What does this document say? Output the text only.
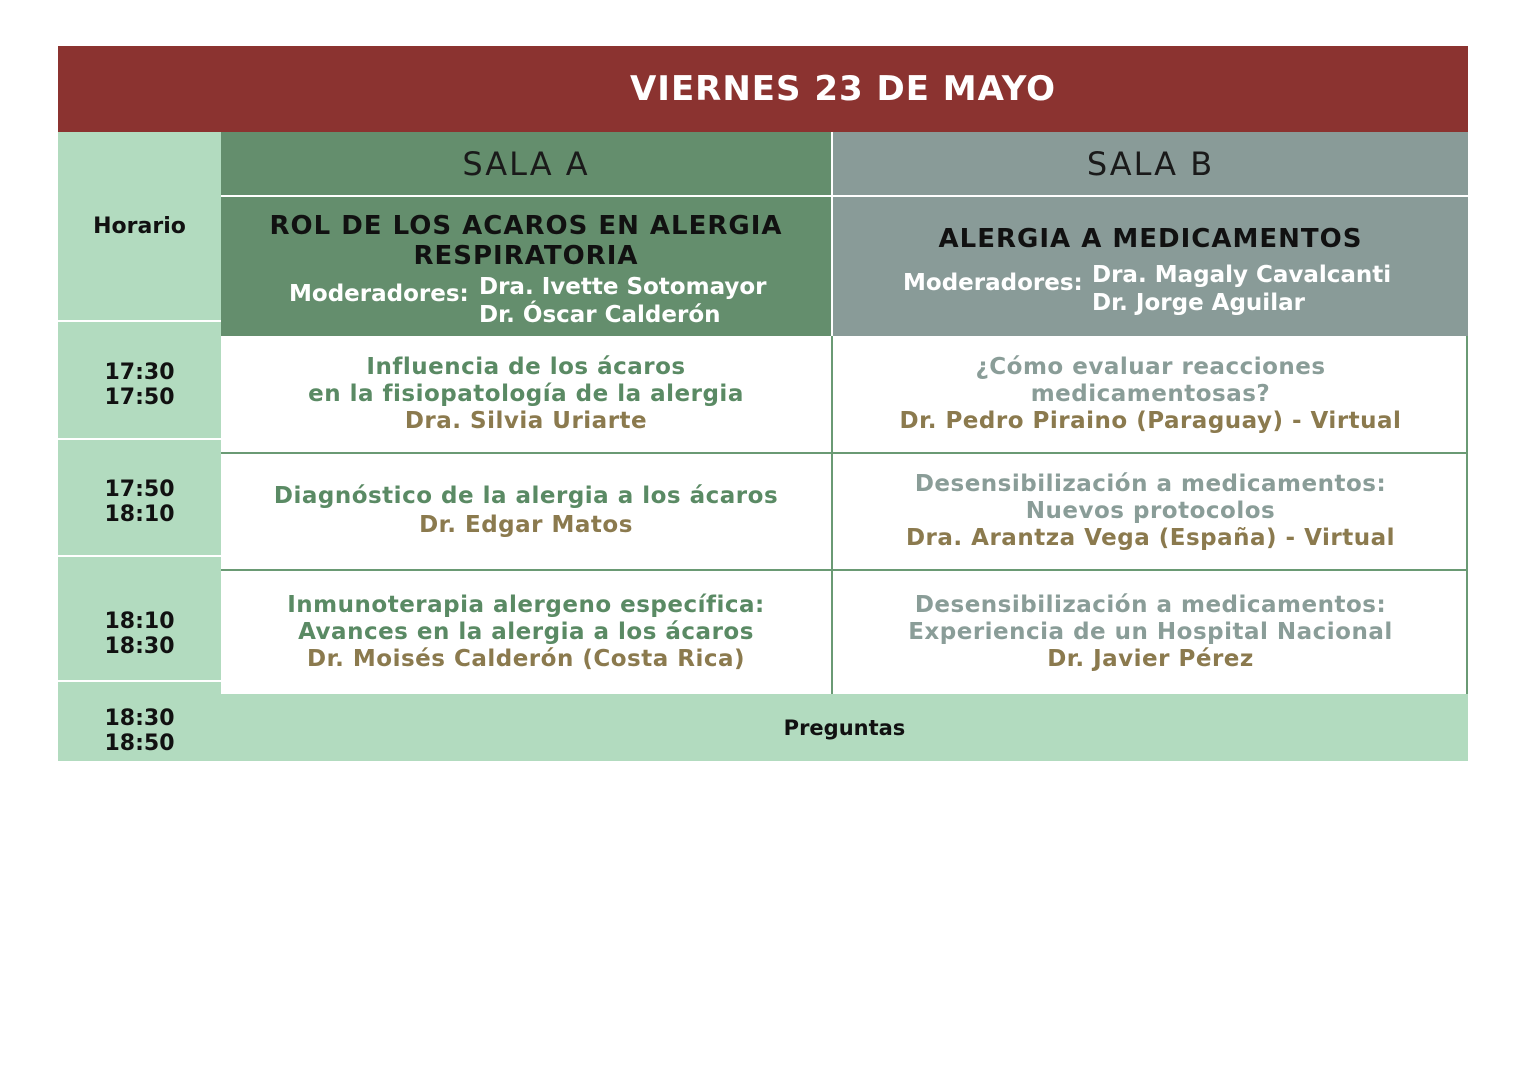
VIERNES 23 DE MAYO
Horario
SALA A	SALA B
ROL DE LOS ACAROS EN ALERGIA
RESPIRATORIA
Moderadores: Dra. Ivette Sotomayor
Dr. Óscar Calderón
ALERGIA A MEDICAMENTOS
Moderadores: Dra. Magaly Cavalcanti
Dr. Jorge Aguilar
17:30
17:50
Influencia de los ácaros
en la fisiopatología de la alergia
Dra. Silvia Uriarte
¿Cómo evaluar reacciones
medicamentosas?
Dr. Pedro Piraino (Paraguay) - Virtual
17:50
18:10
Diagnóstico de la alergia a los ácaros
Dr. Edgar Matos
Desensibilización a medicamentos:
Nuevos protocolos
Dra. Arantza Vega (España) - Virtual
18:10
18:30
Inmunoterapia alergeno específica:
Avances en la alergia a los ácaros
Dr. Moisés Calderón (Costa Rica)
Desensibilización a medicamentos:
Experiencia de un Hospital Nacional
Dr. Javier Pérez
18:30
18:50
Preguntas
